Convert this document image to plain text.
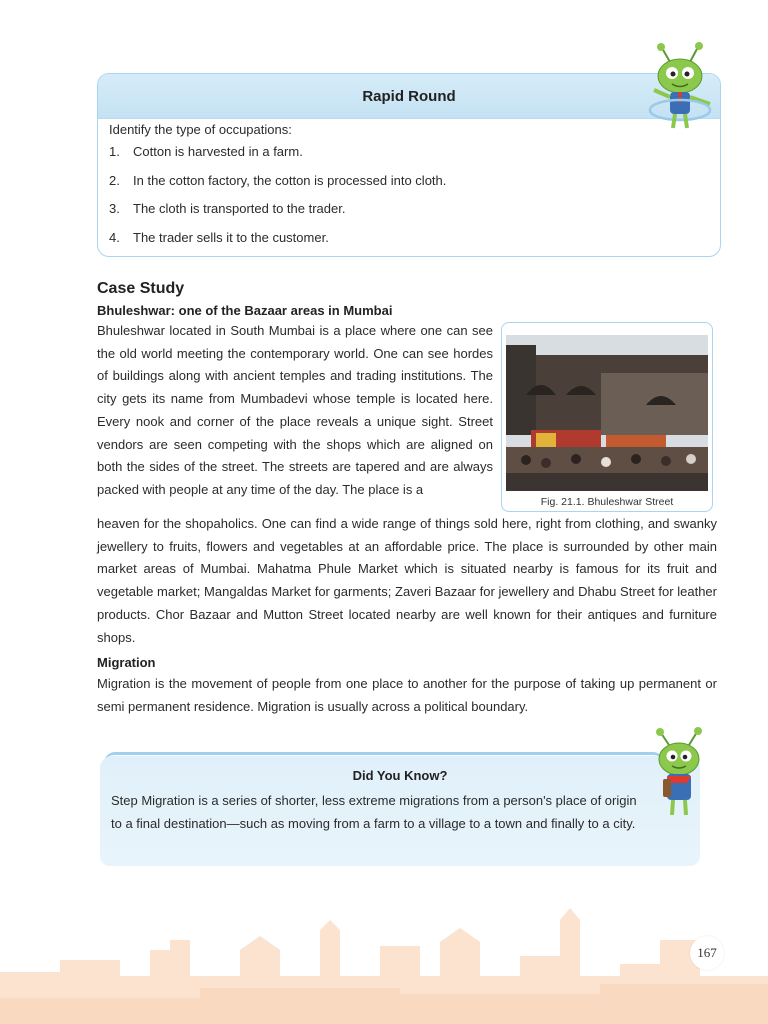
Rapid Round
Identify the type of occupations:
1.	Cotton is harvested in a farm.
2.	In the cotton factory, the cotton is processed into cloth.
3.	The cloth is transported to the trader.
4.	The trader sells it to the customer.
Case Study
Bhuleshwar: one of the Bazaar areas in Mumbai

Bhuleshwar located in South Mumbai is a place where one can see the old world meeting the contemporary world. One can see hordes of buildings along with ancient temples and trading institutions. The city gets its name from Mumbadevi whose temple is located here. Every nook and corner of the place reveals a unique sight. Street vendors are seen competing with the shops which are aligned on both the sides of the street. The streets are tapered and are always packed with people at any time of the day. The place is a

Fig. 21.1. Bhuleshwar Street

heaven for the shopaholics. One can find a wide range of things sold here, right from clothing, and swanky jewellery to fruits, flowers and vegetables at an affordable price. The place is surrounded by other main market areas of Mumbai. Mahatma Phule Market which is situated nearby is famous for its fruit and vegetable market; Mangaldas Market for garments; Zaveri Bazaar for jewellery and Dhabu Street for leather products. Chor Bazaar and Mutton Street located nearby are well known for their antiques and furniture shops.

Migration

Migration is the movement of people from one place to another for the purpose of taking up permanent or semi permanent residence. Migration is usually across a political boundary.

Did You Know?
Step Migration is a series of shorter, less extreme migrations from a person's place of origin to a final destination—such as moving from a farm to a village to a town and finally to a city.
167
